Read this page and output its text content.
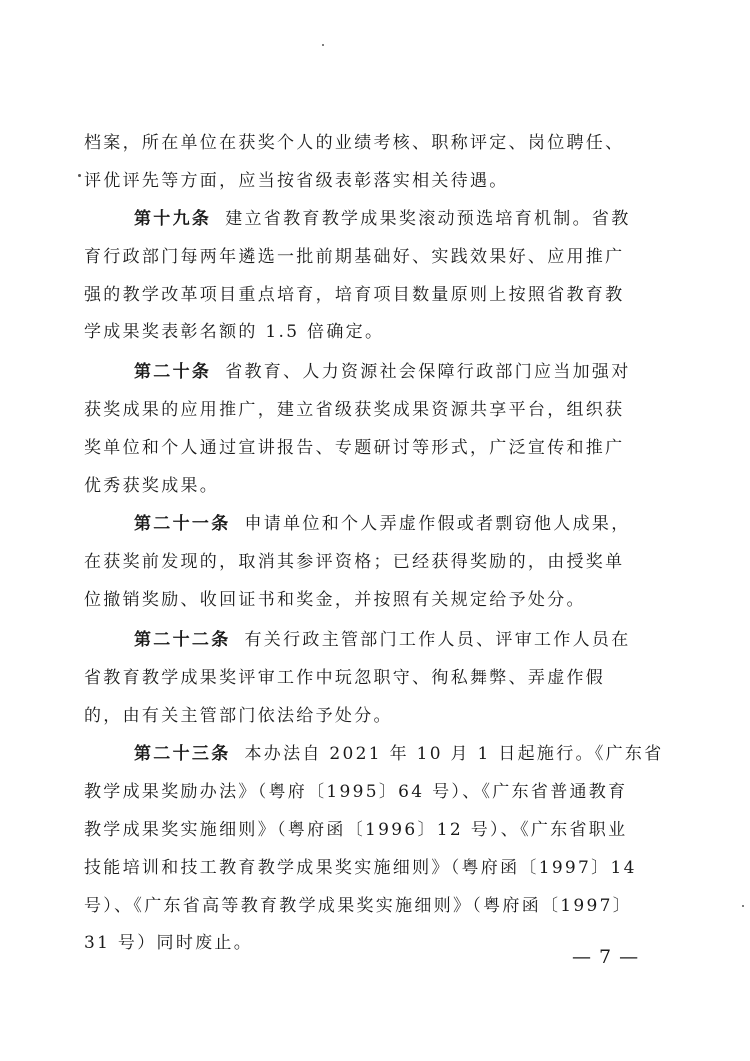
档案，所在单位在获奖个人的业绩考核、职称评定、岗位聘任、
评优评先等方面，应当按省级表彰落实相关待遇。
第十九条 建立省教育教学成果奖滚动预选培育机制。省教
育行政部门每两年遴选一批前期基础好、实践效果好、应用推广
强的教学改革项目重点培育，培育项目数量原则上按照省教育教
学成果奖表彰名额的 1.5 倍确定。
第二十条 省教育、人力资源社会保障行政部门应当加强对
获奖成果的应用推广，建立省级获奖成果资源共享平台，组织获
奖单位和个人通过宣讲报告、专题研讨等形式，广泛宣传和推广
优秀获奖成果。
第二十一条 申请单位和个人弄虚作假或者剽窃他人成果，
在获奖前发现的，取消其参评资格；已经获得奖励的，由授奖单
位撤销奖励、收回证书和奖金，并按照有关规定给予处分。
第二十二条 有关行政主管部门工作人员、评审工作人员在
省教育教学成果奖评审工作中玩忽职守、徇私舞弊、弄虚作假
的，由有关主管部门依法给予处分。
第二十三条 本办法自 2021 年 10 月 1 日起施行。《广东省
教学成果奖励办法》（粤府〔1995〕64 号）、《广东省普通教育
教学成果奖实施细则》（粤府函〔1996〕12 号）、《广东省职业
技能培训和技工教育教学成果奖实施细则》（粤府函〔1997〕14
号）、《广东省高等教育教学成果奖实施细则》（粤府函〔1997〕
31 号）同时废止。
— 7 —
